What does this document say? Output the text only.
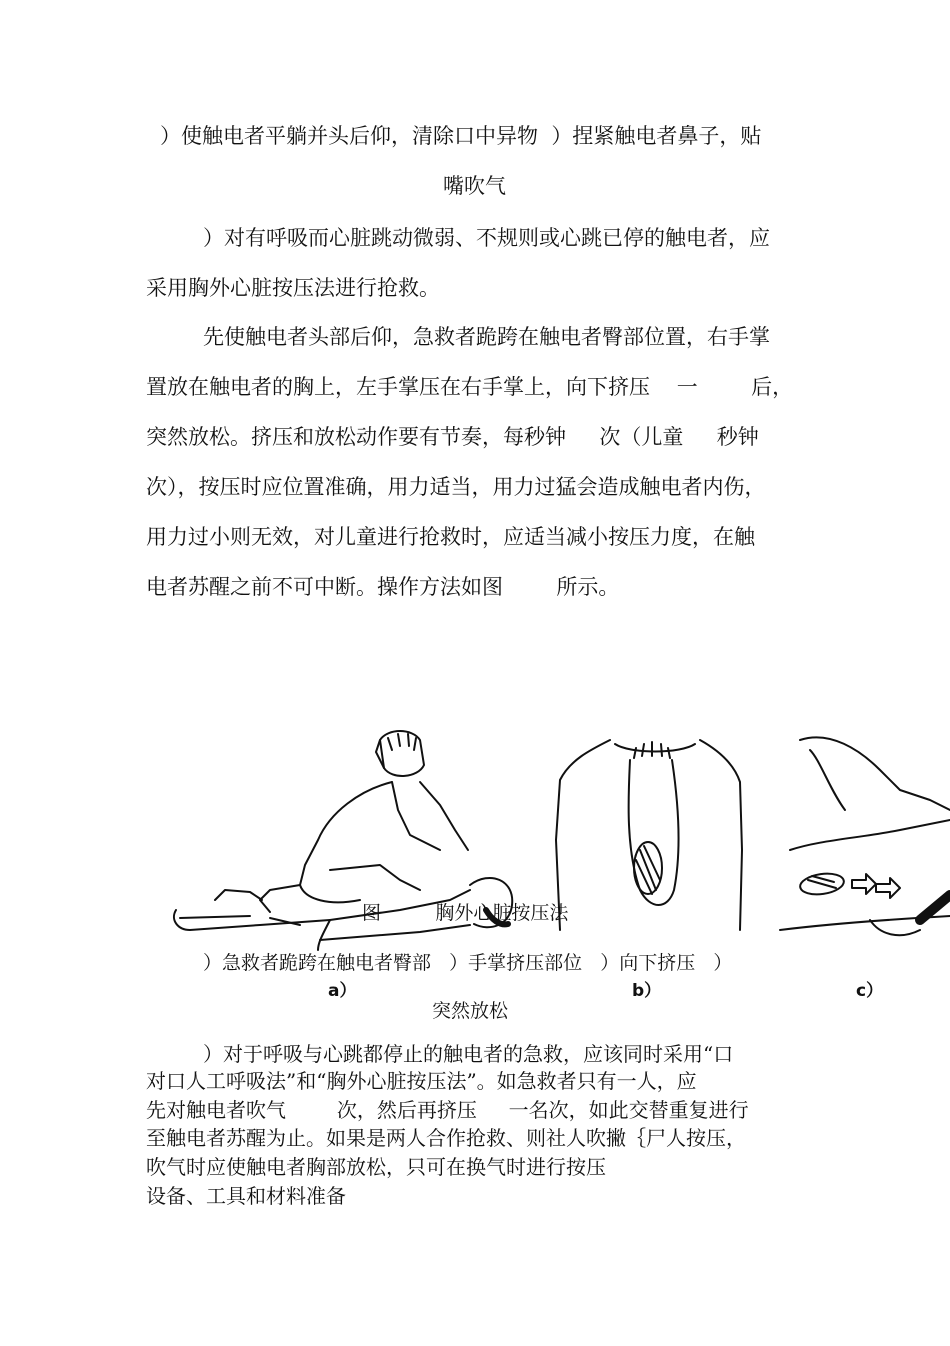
）使触电者平躺并头后仰，清除口中异物  ）捏紧触电者鼻子，贴
嘴吹气
）对有呼吸而心脏跳动微弱、不规则或心跳已停的触电者，应
采用胸外心脏按压法进行抢救。
先使触电者头部后仰，急救者跪跨在触电者臀部位置，右手掌
置放在触电者的胸上，左手掌压在右手掌上，向下挤压    一        后，
突然放松。挤压和放松动作要有节奏，每秒钟     次（儿童     秒钟
次），按压时应位置准确，用力适当，用力过猛会造成触电者内伤，
用力过小则无效，对儿童进行抢救时，应适当减小按压力度，在触
电者苏醒之前不可中断。操作方法如图        所示。
图         胸外心脏按压法
）急救者跪跨在触电者臀部   ）手掌挤压部位   ）向下挤压   ）
a）	b）	c）
突然放松
）对于呼吸与心跳都停止的触电者的急救，应该同时采用“口
对口人工呼吸法”和“胸外心脏按压法”。如急救者只有一人，应
先对触电者吹气        次，然后再挤压     一名次，如此交替重复进行
至触电者苏醒为止。如果是两人合作抢救、则社人吹撇｛尸人按压，
吹气时应使触电者胸部放松，只可在换气时进行按压
设备、工具和材料准备
